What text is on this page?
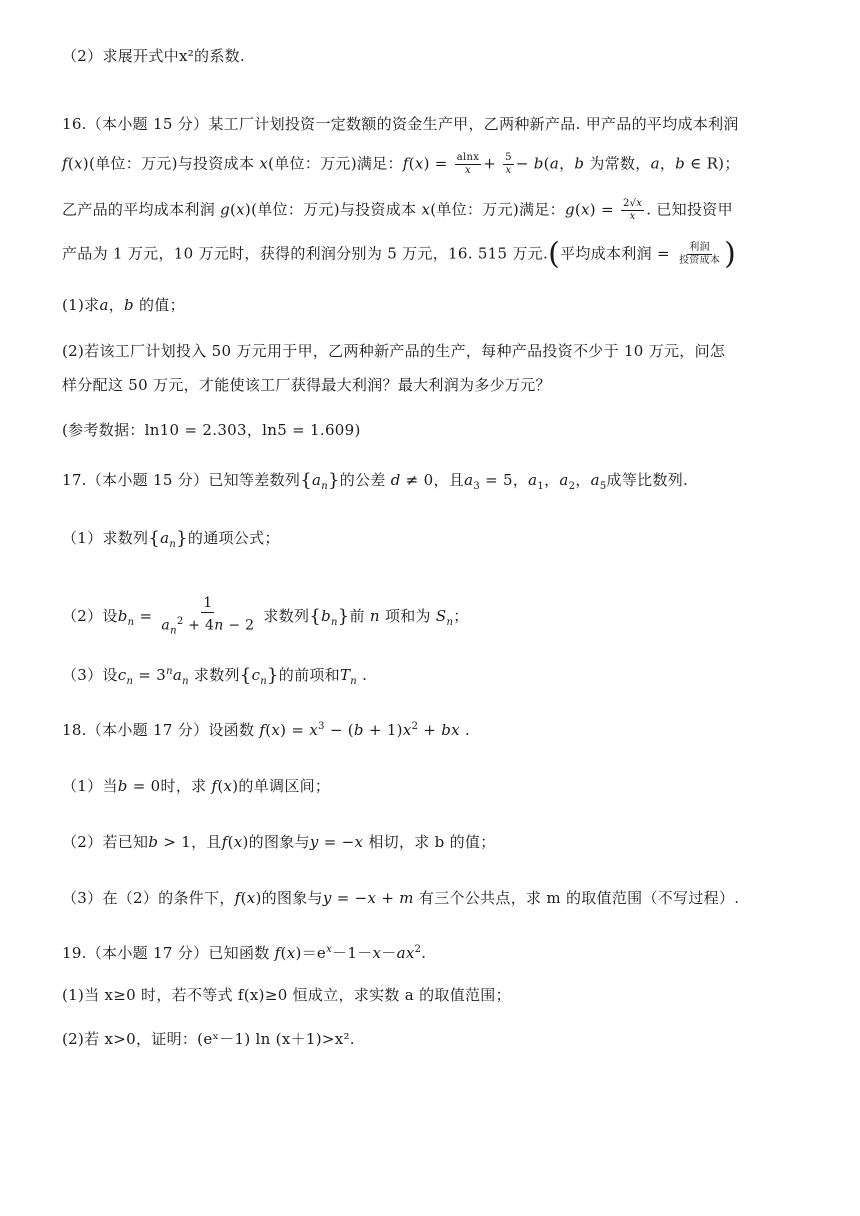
（2）求展开式中x²的系数.
16.（本小题 15 分）某工厂计划投资一定数额的资金生产甲，乙两种新产品. 甲产品的平均成本利润
f(x)(单位：万元)与投资成本 x(单位：万元)满足：$f(x) = \frac{alnx}{x} + \frac{5}{x} - b(a$，b 为常数，a，b ∈ R)；
乙产品的平均成本利润 g(x)(单位：万元)与投资成本 x(单位：万元)满足：$g(x) = \frac{2√x}{x}$ . 已知投资甲
产品为 1 万元，10 万元时，获得的利润分别为 5 万元，16. 515 万元.(平均成本利润 = $\frac{\text{利润}}{\text{投资成本}}$ )
(1)求a，b 的值；
(2)若该工厂计划投入 50 万元用于甲，乙两种新产品的生产，每种产品投资不少于 10 万元，问怎
样分配这 50 万元，才能使该工厂获得最大利润？最大利润为多少万元？
(参考数据：ln10 = 2.303，ln5 = 1.609)
17.（本小题 15 分）已知等差数列$\{a_n\}$的公差 d ≠ 0，且$a_3 = 5$，$a_1$，$a_2$，$a_5$成等比数列.
（1）求数列$\{a_n\}$的通项公式；
（2）设$b_n = \frac{1}{a_n^2 + 4n - 2}$ 求数列$\{b_n\}$前 n 项和为 $S_n$；
（3）设$c_n = 3^na_n$ 求数列$\{c_n\}$的前项和$T_n$ .
18.（本小题 17 分）设函数 $f(x) = x^3 - (b + 1)x^2$ + bx .
（1）当b = 0时，求 f(x)的单调区间；
（2）若已知b > 1，且f(x)的图象与y = −x 相切，求 b 的值；
（3）在（2）的条件下，f(x)的图象与y = −x + m 有三个公共点，求 m 的取值范围（不写过程）.
19.（本小题 17 分）已知函数 $f(x)=e^x-1-x-ax^2$.
(1)当 x≥0 时，若不等式 f(x)≥0 恒成立，求实数 a 的取值范围；
(2)若 x>0，证明：(eˣ－1) ln (x＋1)>x².
